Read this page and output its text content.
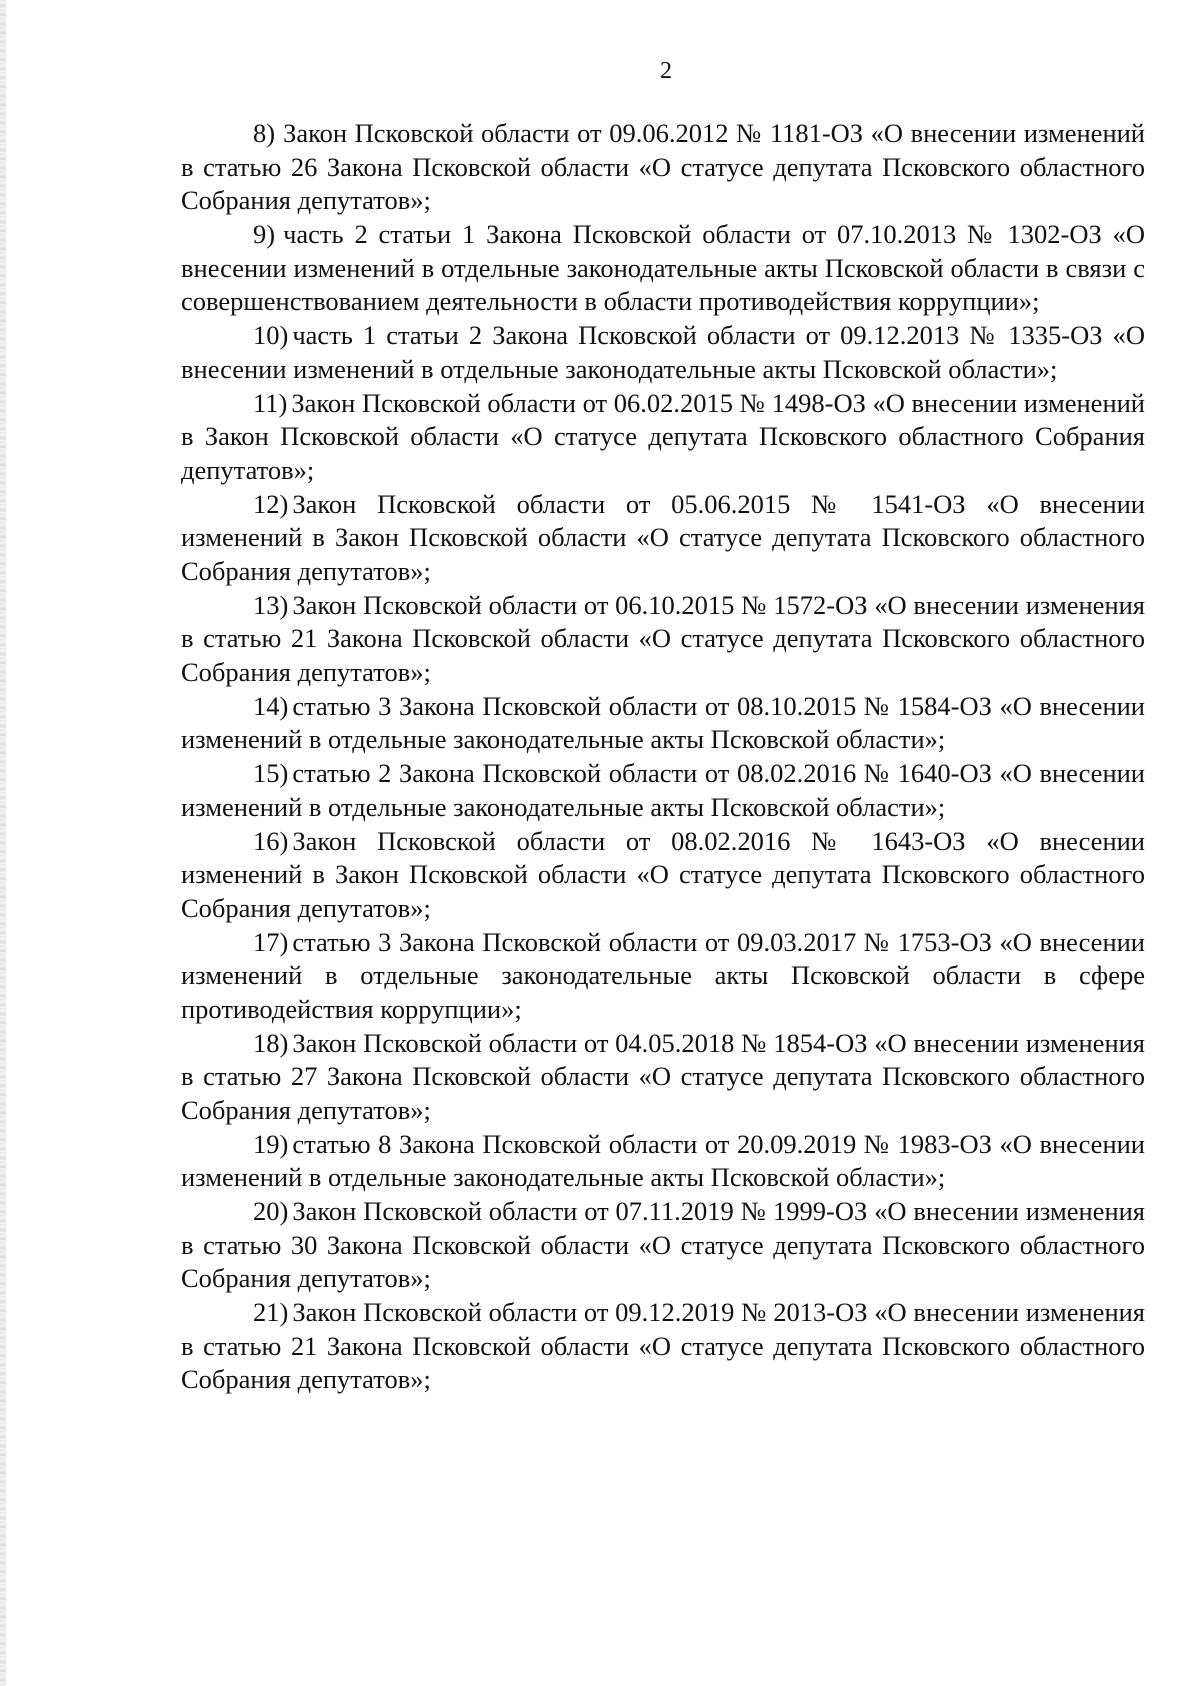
2

8) Закон Псковской области от 09.06.2012 № 1181-ОЗ «О внесении изменений в статью 26 Закона Псковской области «О статусе депутата Псковского областного Собрания депутатов»;
9) часть 2 статьи 1 Закона Псковской области от 07.10.2013 № 1302-ОЗ «О внесении изменений в отдельные законодательные акты Псковской области в связи с совершенствованием деятельности в области противодействия коррупции»;
10) часть 1 статьи 2 Закона Псковской области от 09.12.2013 № 1335-ОЗ «О внесении изменений в отдельные законодательные акты Псковской области»;
11) Закон Псковской области от 06.02.2015 № 1498-ОЗ «О внесении изменений в Закон Псковской области «О статусе депутата Псковского областного Собрания депутатов»;
12) Закон Псковской области от 05.06.2015 № 1541-ОЗ «О внесении изменений в Закон Псковской области «О статусе депутата Псковского областного Собрания депутатов»;
13) Закон Псковской области от 06.10.2015 № 1572-ОЗ «О внесении изменения в статью 21 Закона Псковской области «О статусе депутата Псковского областного Собрания депутатов»;
14) статью 3 Закона Псковской области от 08.10.2015 № 1584-ОЗ «О внесении изменений в отдельные законодательные акты Псковской области»;
15) статью 2 Закона Псковской области от 08.02.2016 № 1640-ОЗ «О внесении изменений в отдельные законодательные акты Псковской области»;
16) Закон Псковской области от 08.02.2016 № 1643-ОЗ «О внесении изменений в Закон Псковской области «О статусе депутата Псковского областного Собрания депутатов»;
17) статью 3 Закона Псковской области от 09.03.2017 № 1753-ОЗ «О внесении изменений в отдельные законодательные акты Псковской области в сфере противодействия коррупции»;
18) Закон Псковской области от 04.05.2018 № 1854-ОЗ «О внесении изменения в статью 27 Закона Псковской области «О статусе депутата Псковского областного Собрания депутатов»;
19) статью 8 Закона Псковской области от 20.09.2019 № 1983-ОЗ «О внесении изменений в отдельные законодательные акты Псковской области»;
20) Закон Псковской области от 07.11.2019 № 1999-ОЗ «О внесении изменения в статью 30 Закона Псковской области «О статусе депутата Псковского областного Собрания депутатов»;
21) Закон Псковской области от 09.12.2019 № 2013-ОЗ «О внесении изменения в статью 21 Закона Псковской области «О статусе депутата Псковского областного Собрания депутатов»;
